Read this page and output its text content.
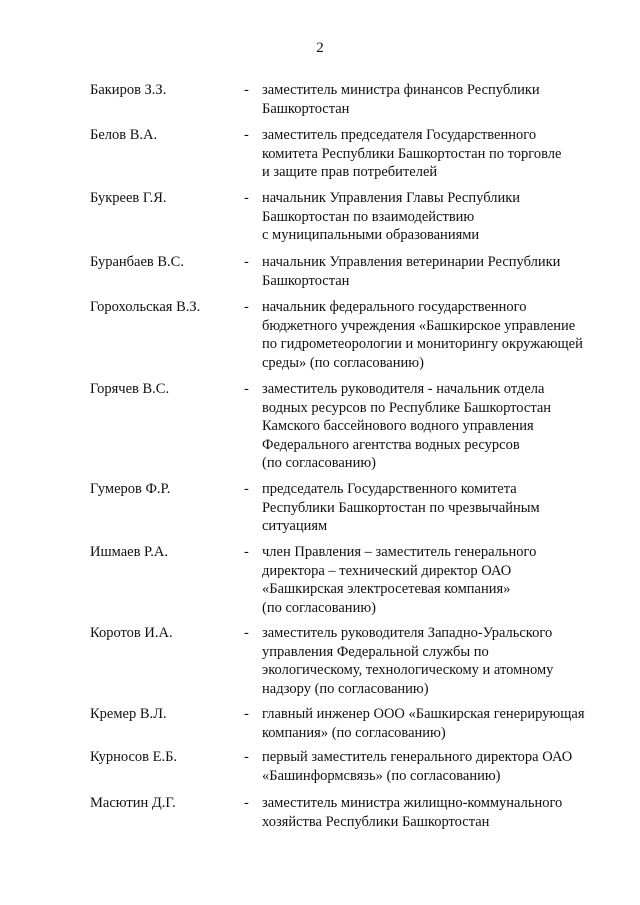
2
Бакиров З.З.	- заместитель министра финансов Республики
Башкортостан
Белов В.А.	- заместитель председателя Государственного
комитета Республики Башкортостан по торговле
и защите прав потребителей
Букреев Г.Я.	- начальник Управления Главы Республики
Башкортостан по взаимодействию
с муниципальными образованиями
Буранбаев В.С.	- начальник Управления ветеринарии Республики
Башкортостан
Горохольская В.З.	- начальник федерального государственного
бюджетного учреждения «Башкирское управление
по гидрометеорологии и мониторингу окружающей
среды» (по согласованию)
Горячев В.С.	- заместитель руководителя - начальник отдела
водных ресурсов по Республике Башкортостан
Камского бассейнового водного управления
Федерального агентства водных ресурсов
(по согласованию)
Гумеров Ф.Р.	- председатель Государственного комитета
Республики Башкортостан по чрезвычайным
ситуациям
Ишмаев Р.А.	- член Правления – заместитель генерального
директора – технический директор ОАО
«Башкирская электросетевая компания»
(по согласованию)
Коротов И.А.	- заместитель руководителя Западно-Уральского
управления Федеральной службы по
экологическому, технологическому и атомному
надзору (по согласованию)
Кремер В.Л.	- главный инженер ООО «Башкирская генерирующая
компания» (по согласованию)
Курносов Е.Б.	- первый заместитель генерального директора ОАО
«Башинформсвязь» (по согласованию)
Масютин Д.Г.	- заместитель министра жилищно-коммунального
хозяйства Республики Башкортостан
